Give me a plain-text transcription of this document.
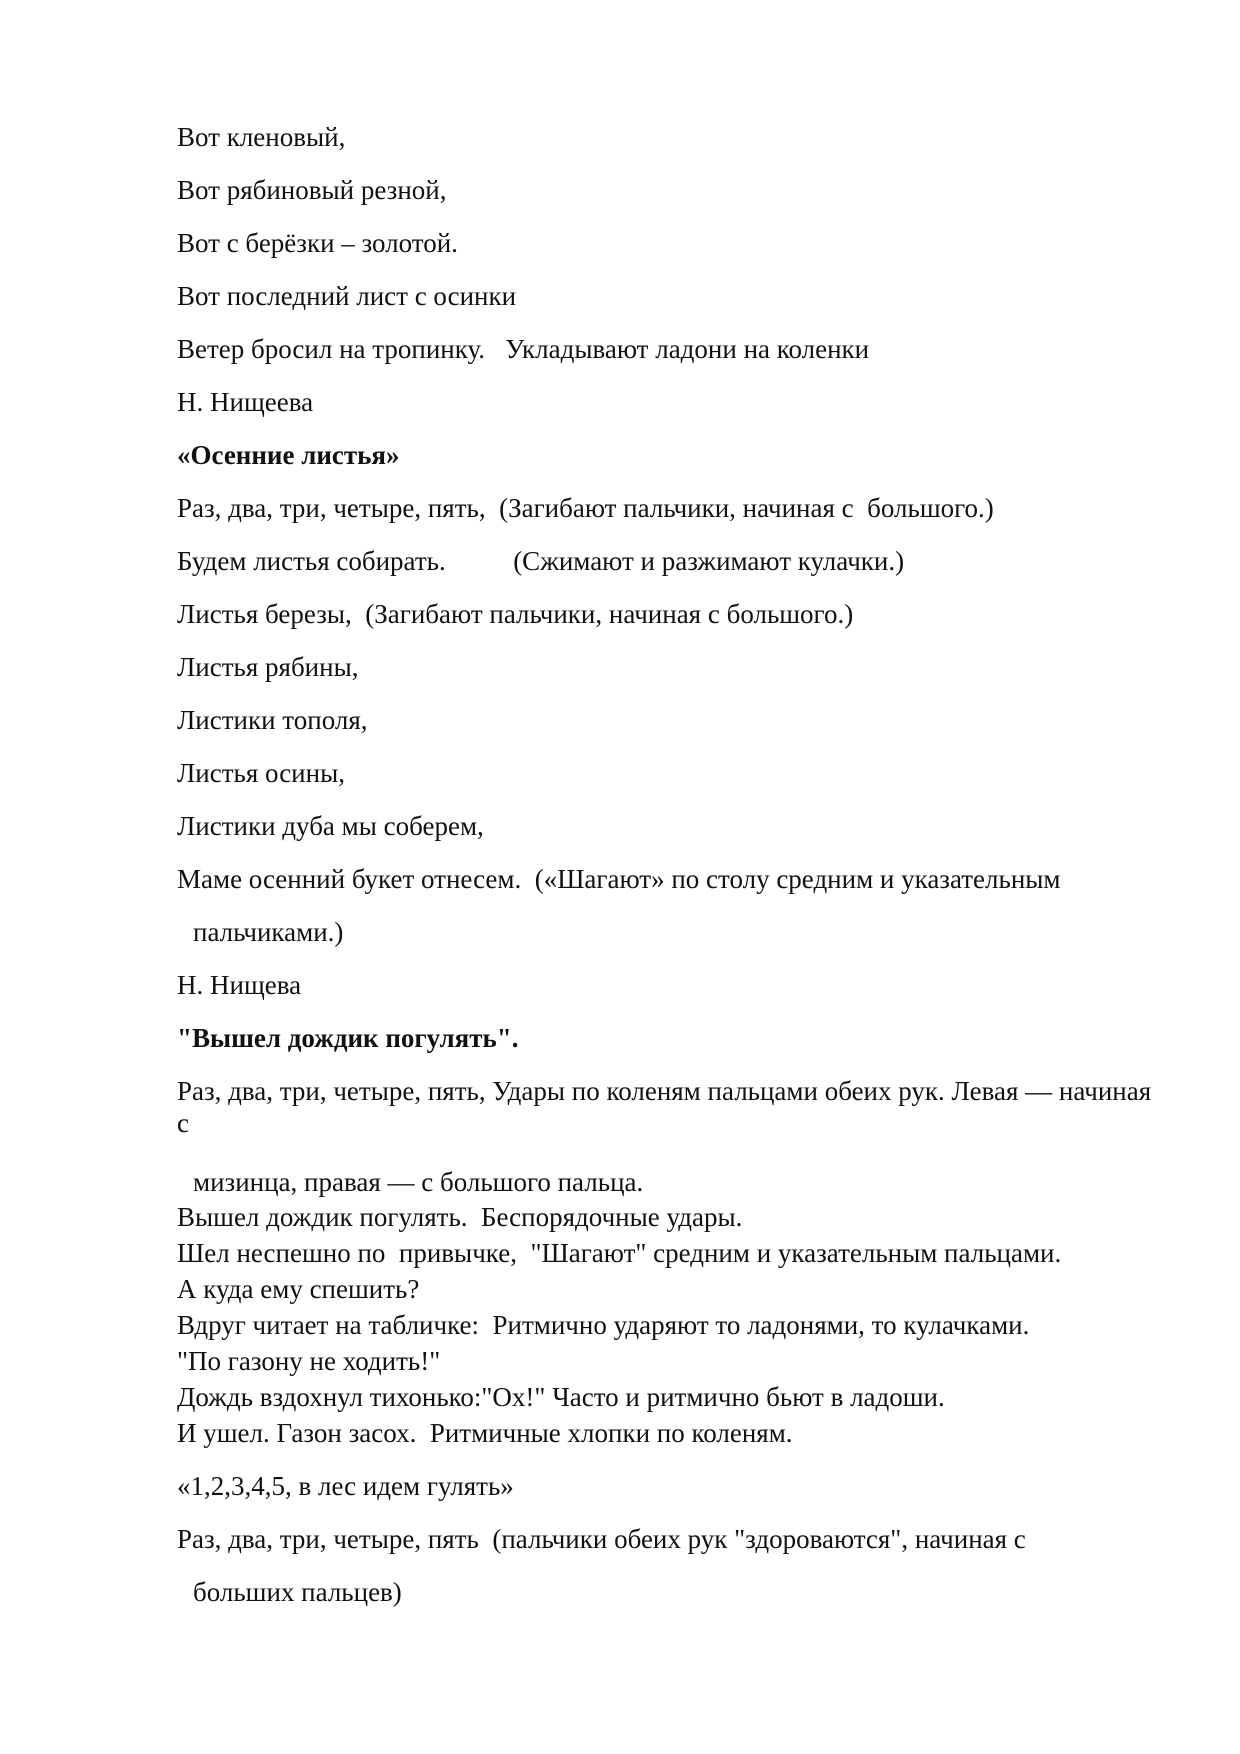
Вот кленовый,

Вот рябиновый резной,

Вот с берёзки – золотой.

Вот последний лист с осинки

Ветер бросил на тропинку.   Укладывают ладони на коленки

Н. Нищеева

«Осенние листья»

Раз, два, три, четыре, пять,  (Загибают пальчики, начиная с  большого.)

Будем листья собирать.          (Сжимают и разжимают кулачки.)

Листья березы,  (Загибают пальчики, начиная с большого.)

Листья рябины,

Листики тополя,

Листья осины,

Листики дуба мы соберем,

Маме осенний букет отнесем.  («Шагают» по столу средним и указательным

пальчиками.)

Н. Нищева

"Вышел дождик погулять".

Раз, два, три, четыре, пять, Удары по коленям пальцами обеих рук. Левая — начиная с

мизинца, правая — с большого пальца.

Вышел дождик погулять.  Беспорядочные удары.

Шел неспешно по  привычке,  "Шагают" средним и указательным пальцами.

А куда ему спешить?

Вдруг читает на табличке:  Ритмично ударяют то ладонями, то кулачками.

"По газону не ходить!"

Дождь вздохнул тихонько:"Ох!" Часто и ритмично бьют в ладоши.

И ушел. Газон засох.  Ритмичные хлопки по коленям.

«1,2,3,4,5, в лес идем гулять»

Раз, два, три, четыре, пять  (пальчики обеих рук "здороваются", начиная с

больших пальцев)
